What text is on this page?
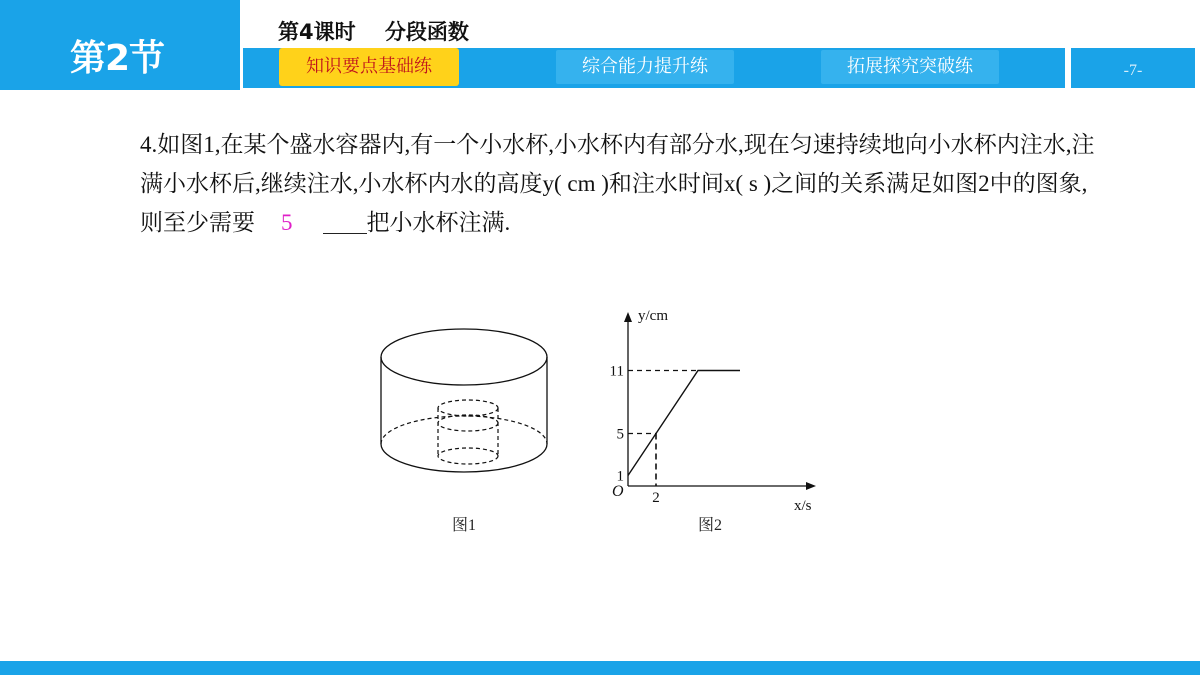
第2节
第4课时    分段函数
知识要点基础练	综合能力提升练	拓展探究突破练	-7-
4.如图1,在某个盛水容器内,有一个小水杯,小水杯内有部分水,现在匀速持续地向小水杯内注水,注满小水杯后,继续注水,小水杯内水的高度y( cm )和注水时间x( s )之间的关系满足如图2中的图象,则至少需要 5	把小水杯注满.
图1
y/cm
x/s
O
11
5
1
2
图2
